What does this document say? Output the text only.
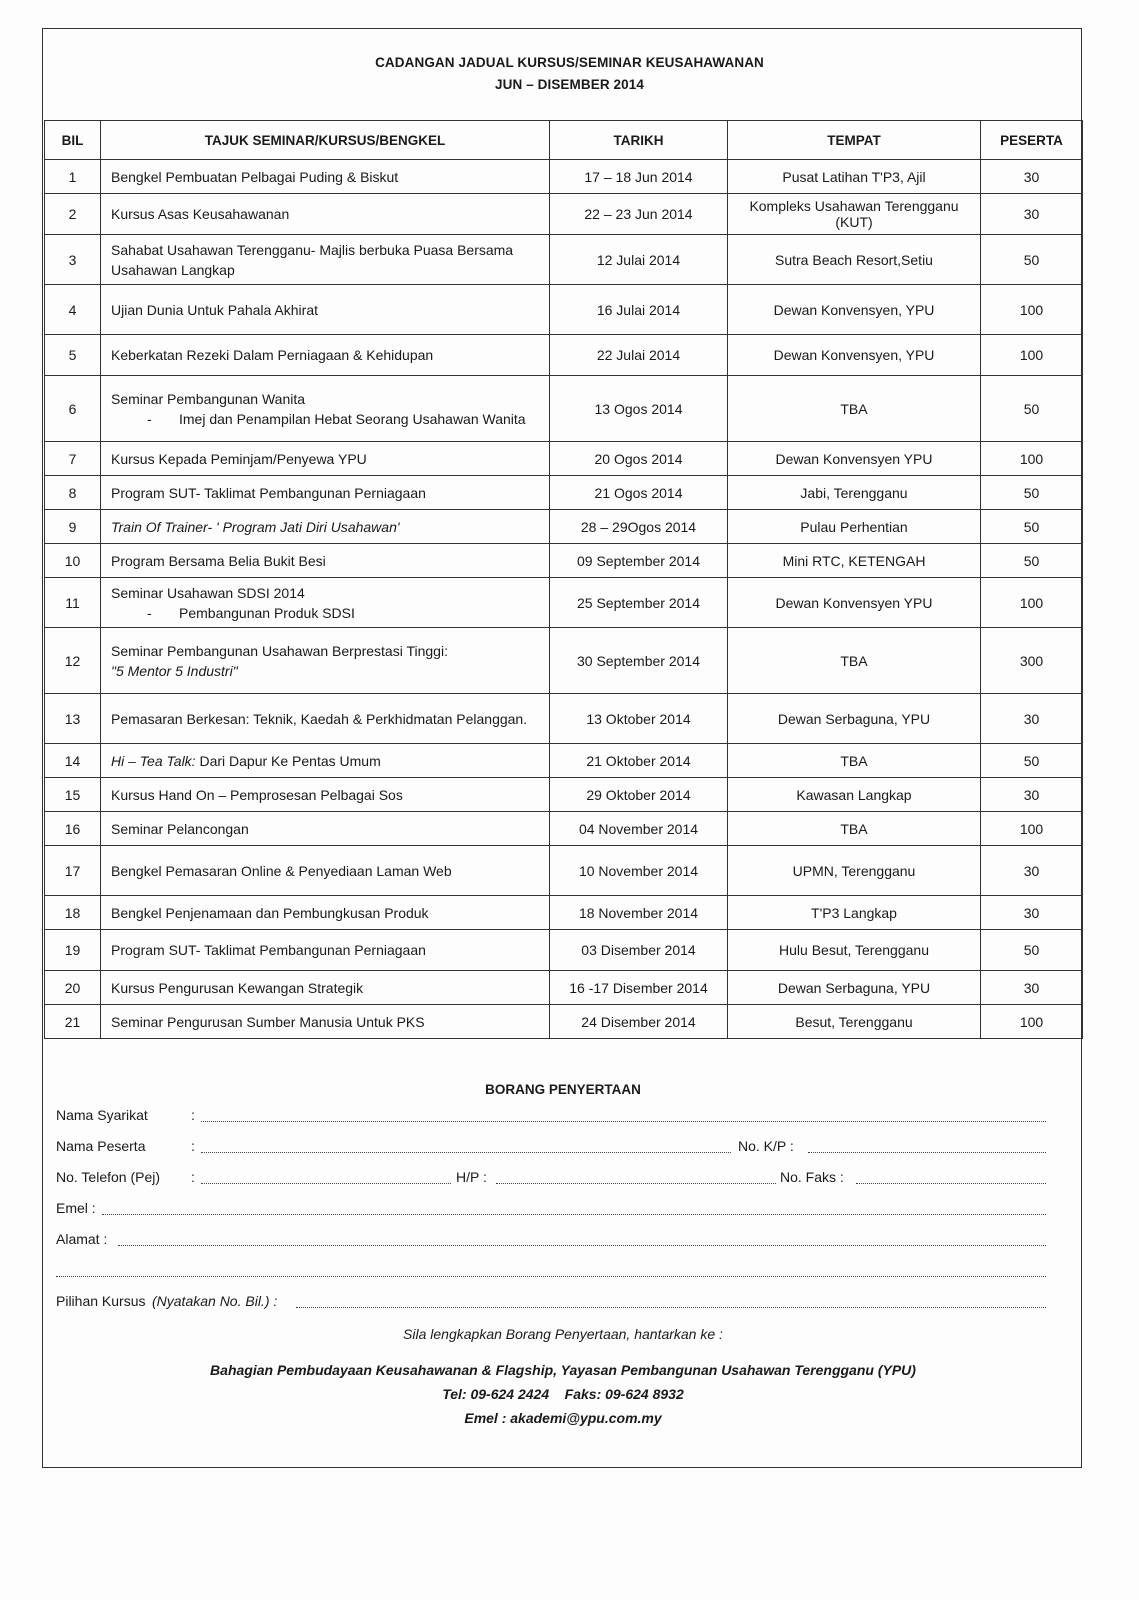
CADANGAN JADUAL KURSUS/SEMINAR KEUSAHAWANAN
JUN – DISEMBER 2014
BIL	TAJUK SEMINAR/KURSUS/BENGKEL	TARIKH	TEMPAT	PESERTA
1	Bengkel Pembuatan Pelbagai Puding & Biskut	17 – 18 Jun 2014	Pusat Latihan T'P3, Ajil	30
2	Kursus Asas Keusahawanan	22 – 23 Jun 2014	Kompleks Usahawan Terengganu (KUT)	30
3	Sahabat Usahawan Terengganu- Majlis berbuka Puasa Bersama Usahawan Langkap	12 Julai 2014	Sutra Beach Resort,Setiu	50
4	Ujian Dunia Untuk Pahala Akhirat	16 Julai 2014	Dewan Konvensyen, YPU	100
5	Keberkatan Rezeki Dalam Perniagaan & Kehidupan	22 Julai 2014	Dewan Konvensyen, YPU	100
6	Seminar Pembangunan Wanita
- Imej dan Penampilan Hebat Seorang Usahawan Wanita	13 Ogos 2014	TBA	50
7	Kursus Kepada Peminjam/Penyewa YPU	20 Ogos 2014	Dewan Konvensyen YPU	100
8	Program SUT- Taklimat Pembangunan Perniagaan	21 Ogos 2014	Jabi, Terengganu	50
9	Train Of Trainer- ' Program Jati Diri Usahawan'	28 – 29Ogos 2014	Pulau Perhentian	50
10	Program Bersama Belia Bukit Besi	09 September 2014	Mini RTC, KETENGAH	50
11	Seminar Usahawan SDSI 2014
- Pembangunan Produk SDSI	25 September 2014	Dewan Konvensyen YPU	100
12	Seminar Pembangunan Usahawan Berprestasi Tinggi:
"5 Mentor 5 Industri"	30 September 2014	TBA	300
13	Pemasaran Berkesan: Teknik, Kaedah & Perkhidmatan Pelanggan.	13 Oktober 2014	Dewan Serbaguna, YPU	30
14	Hi – Tea Talk: Dari Dapur Ke Pentas Umum	21 Oktober 2014	TBA	50
15	Kursus Hand On – Pemprosesan Pelbagai Sos	29 Oktober 2014	Kawasan Langkap	30
16	Seminar Pelancongan	04 November 2014	TBA	100
17	Bengkel Pemasaran Online & Penyediaan Laman Web	10 November 2014	UPMN, Terengganu	30
18	Bengkel Penjenamaan dan Pembungkusan Produk	18 November 2014	T'P3 Langkap	30
19	Program SUT- Taklimat Pembangunan Perniagaan	03 Disember 2014	Hulu Besut, Terengganu	50
20	Kursus Pengurusan Kewangan Strategik	16 -17 Disember 2014	Dewan Serbaguna, YPU	30
21	Seminar Pengurusan Sumber Manusia Untuk PKS	24 Disember 2014	Besut, Terengganu	100
BORANG PENYERTAAN
Nama Syarikat	:
Nama Peserta	:	No. K/P :
No. Telefon (Pej) :	H/P :	No. Faks :
Emel :
Alamat :
Pilihan Kursus (Nyatakan No. Bil.) :
Sila lengkapkan Borang Penyertaan, hantarkan ke :
Bahagian Pembudayaan Keusahawanan & Flagship, Yayasan Pembangunan Usahawan Terengganu (YPU)
Tel: 09-624 2424    Faks: 09-624 8932
Emel : akademi@ypu.com.my
